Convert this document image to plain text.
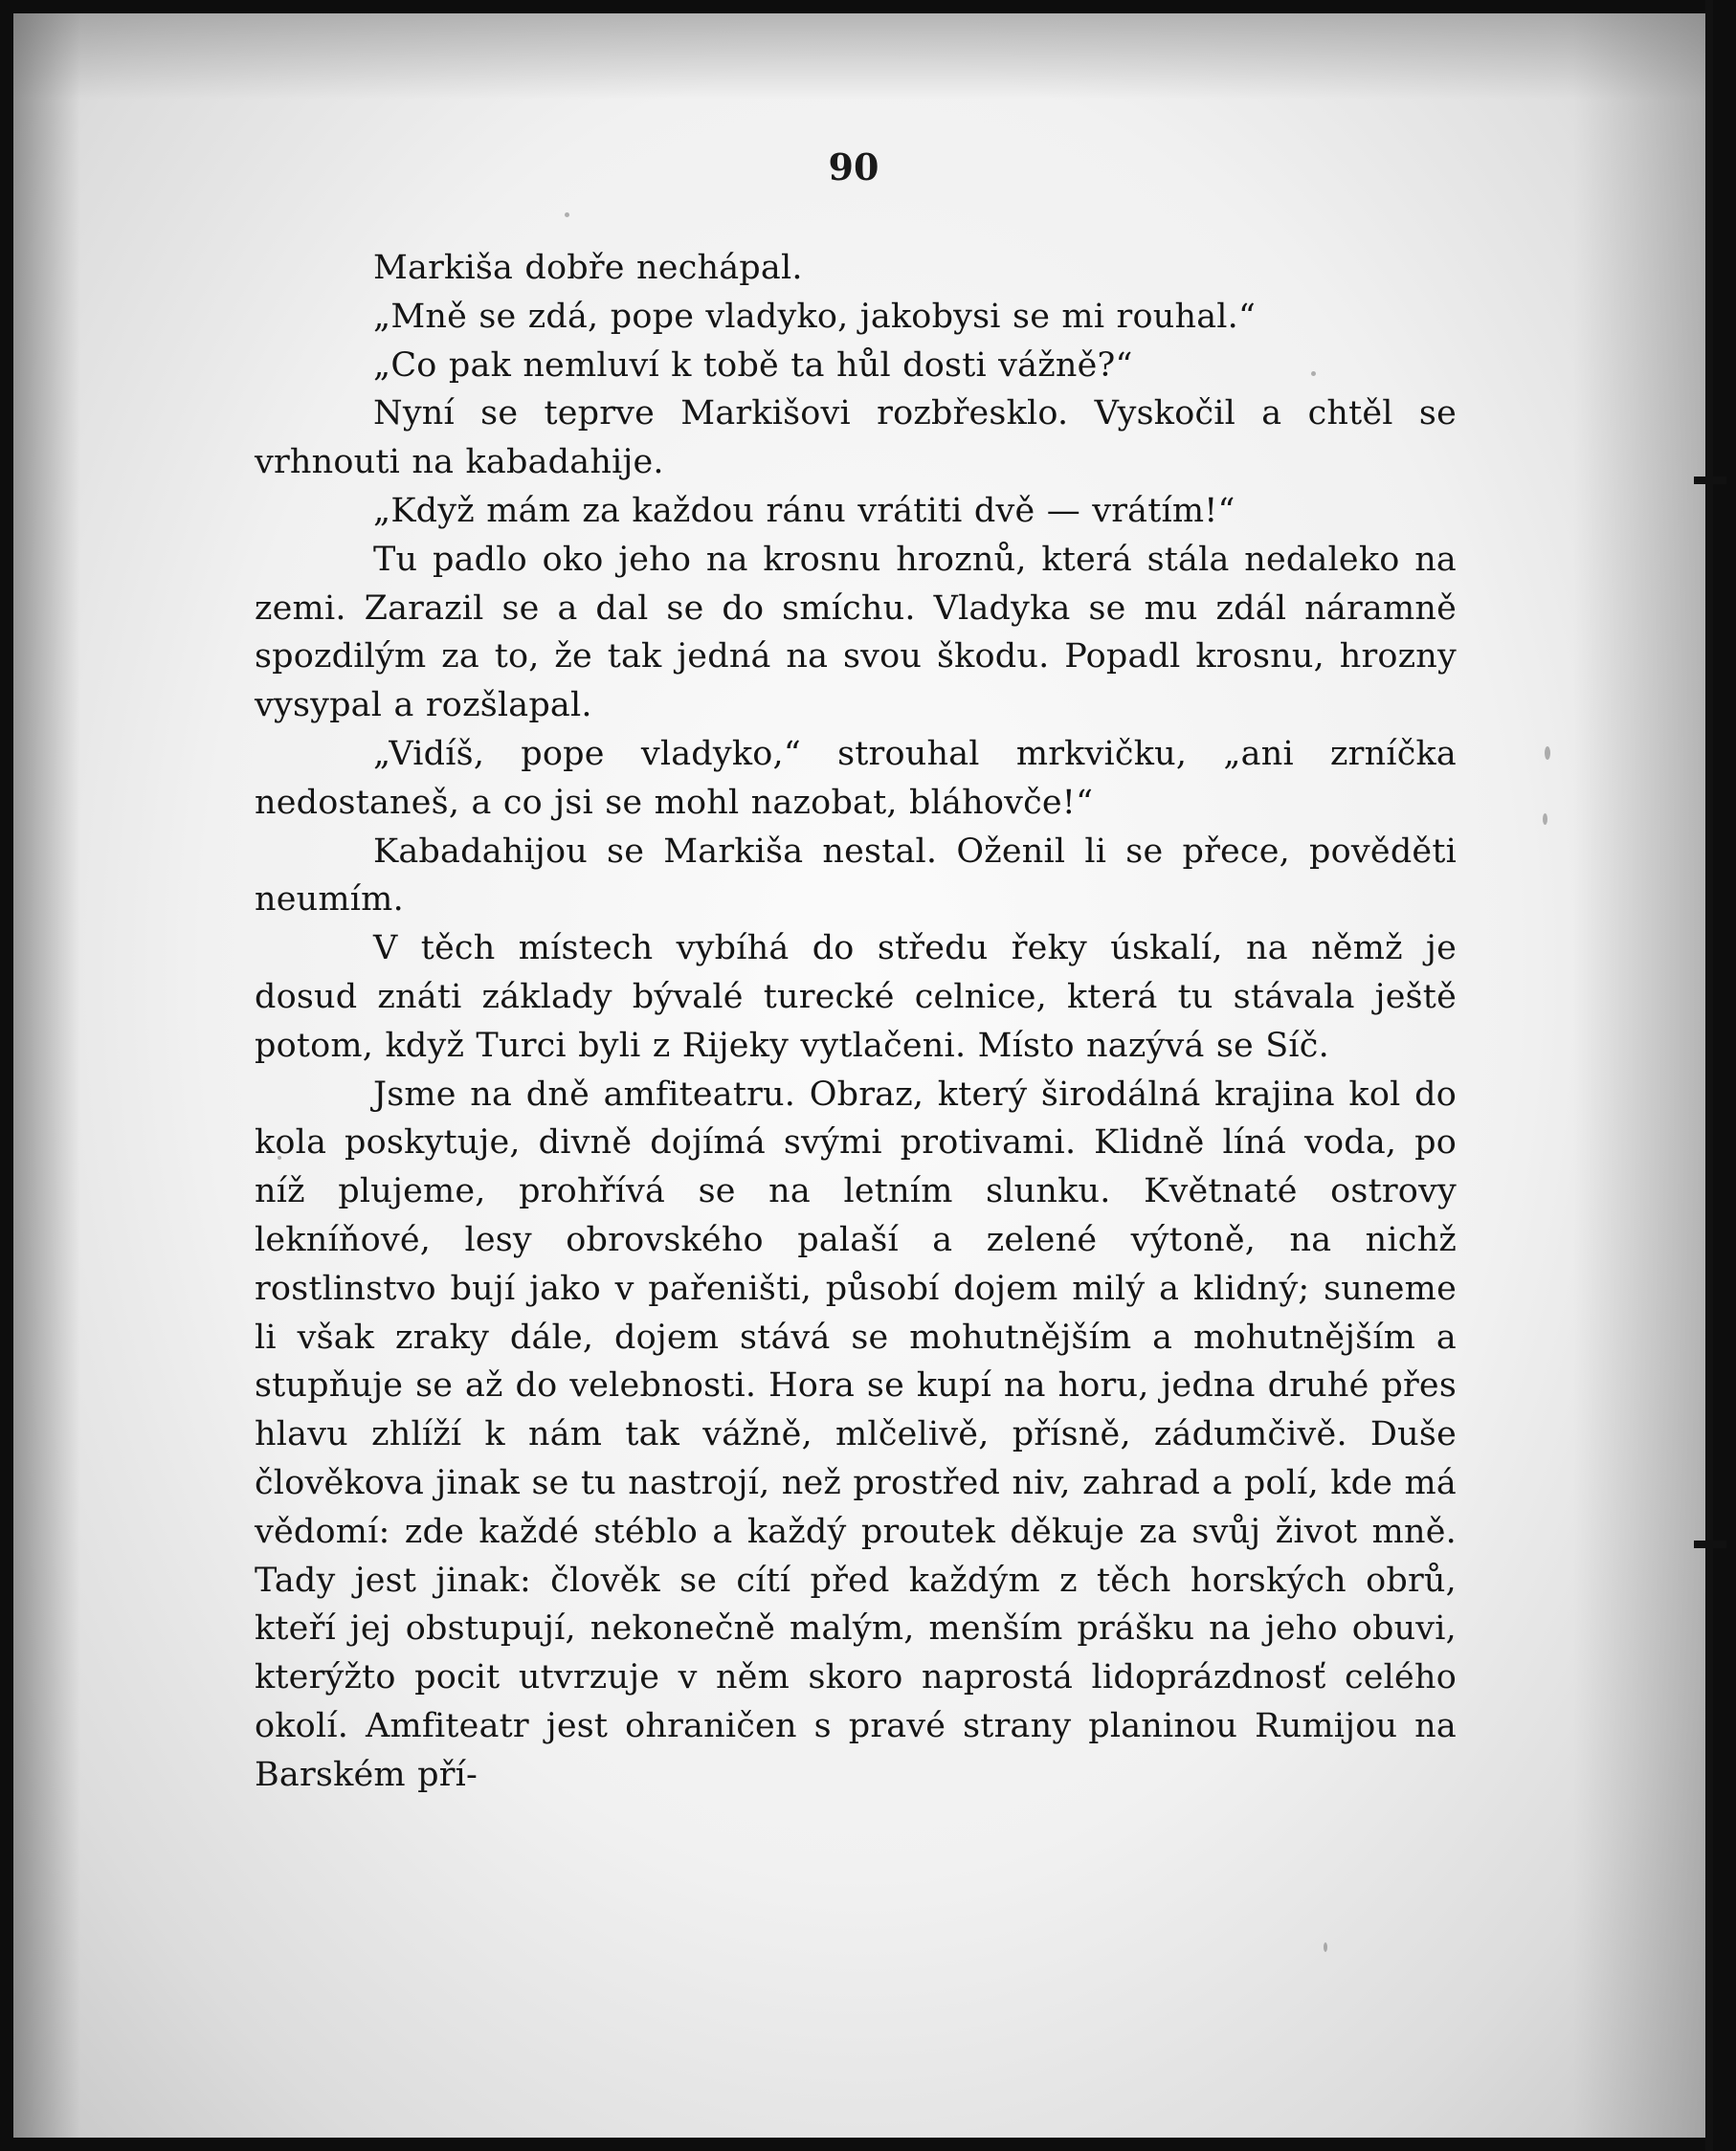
90

Markiša dobře nechápal.

„Mně se zdá, pope vladyko, jakobysi se mi rouhal.“

„Co pak nemluví k tobě ta hůl dosti vážně?“

Nyní se teprve Markišovi rozbřesklo. Vyskočil a chtěl se vrhnouti na kabadahije.

„Když mám za každou ránu vrátiti dvě — vrátím!“

Tu padlo oko jeho na krosnu hroznů, která stála nedaleko na zemi. Zarazil se a dal se do smíchu. Vladyka se mu zdál náramně spozdilým za to, že tak jedná na svou škodu. Popadl krosnu, hrozny vysypal a rozšlapal.

„Vidíš, pope vladyko,“ strouhal mrkvičku, „ani zrníčka nedostaneš, a co jsi se mohl nazobat, bláhovče!“

Kabadahijou se Markiša nestal. Oženil li se přece, pověděti neumím.

V těch místech vybíhá do středu řeky úskalí, na němž je dosud znáti základy bývalé turecké celnice, která tu stávala ještě potom, když Turci byli z Rijeky vytlačeni. Místo nazývá se Síč.

Jsme na dně amfiteatru. Obraz, který širodálná krajina kol do kola poskytuje, divně dojímá svými protivami. Klidně líná voda, po níž plujeme, prohřívá se na letním slunku. Květnaté ostrovy lekníňové, lesy obrovského palaší a zelené výtoně, na nichž rostlinstvo bují jako v pařeništi, působí dojem milý a klidný; suneme li však zraky dále, dojem stává se mohutnějším a mohutnějším a stupňuje se až do velebnosti. Hora se kupí na horu, jedna druhé přes hlavu zhlíží k nám tak vážně, mlčelivě, přísně, zádumčivě. Duše člověkova jinak se tu nastrojí, než prostřed niv, zahrad a polí, kde má vědomí: zde každé stéblo a každý proutek děkuje za svůj život mně. Tady jest jinak: člověk se cítí před každým z těch horských obrů, kteří jej obstupují, nekonečně malým, menším prášku na jeho obuvi, kterýžto pocit utvrzuje v něm skoro naprostá lidoprázdnosť celého okolí. Amfiteatr jest ohraničen s pravé strany planinou Rumijou na Barském pří-
